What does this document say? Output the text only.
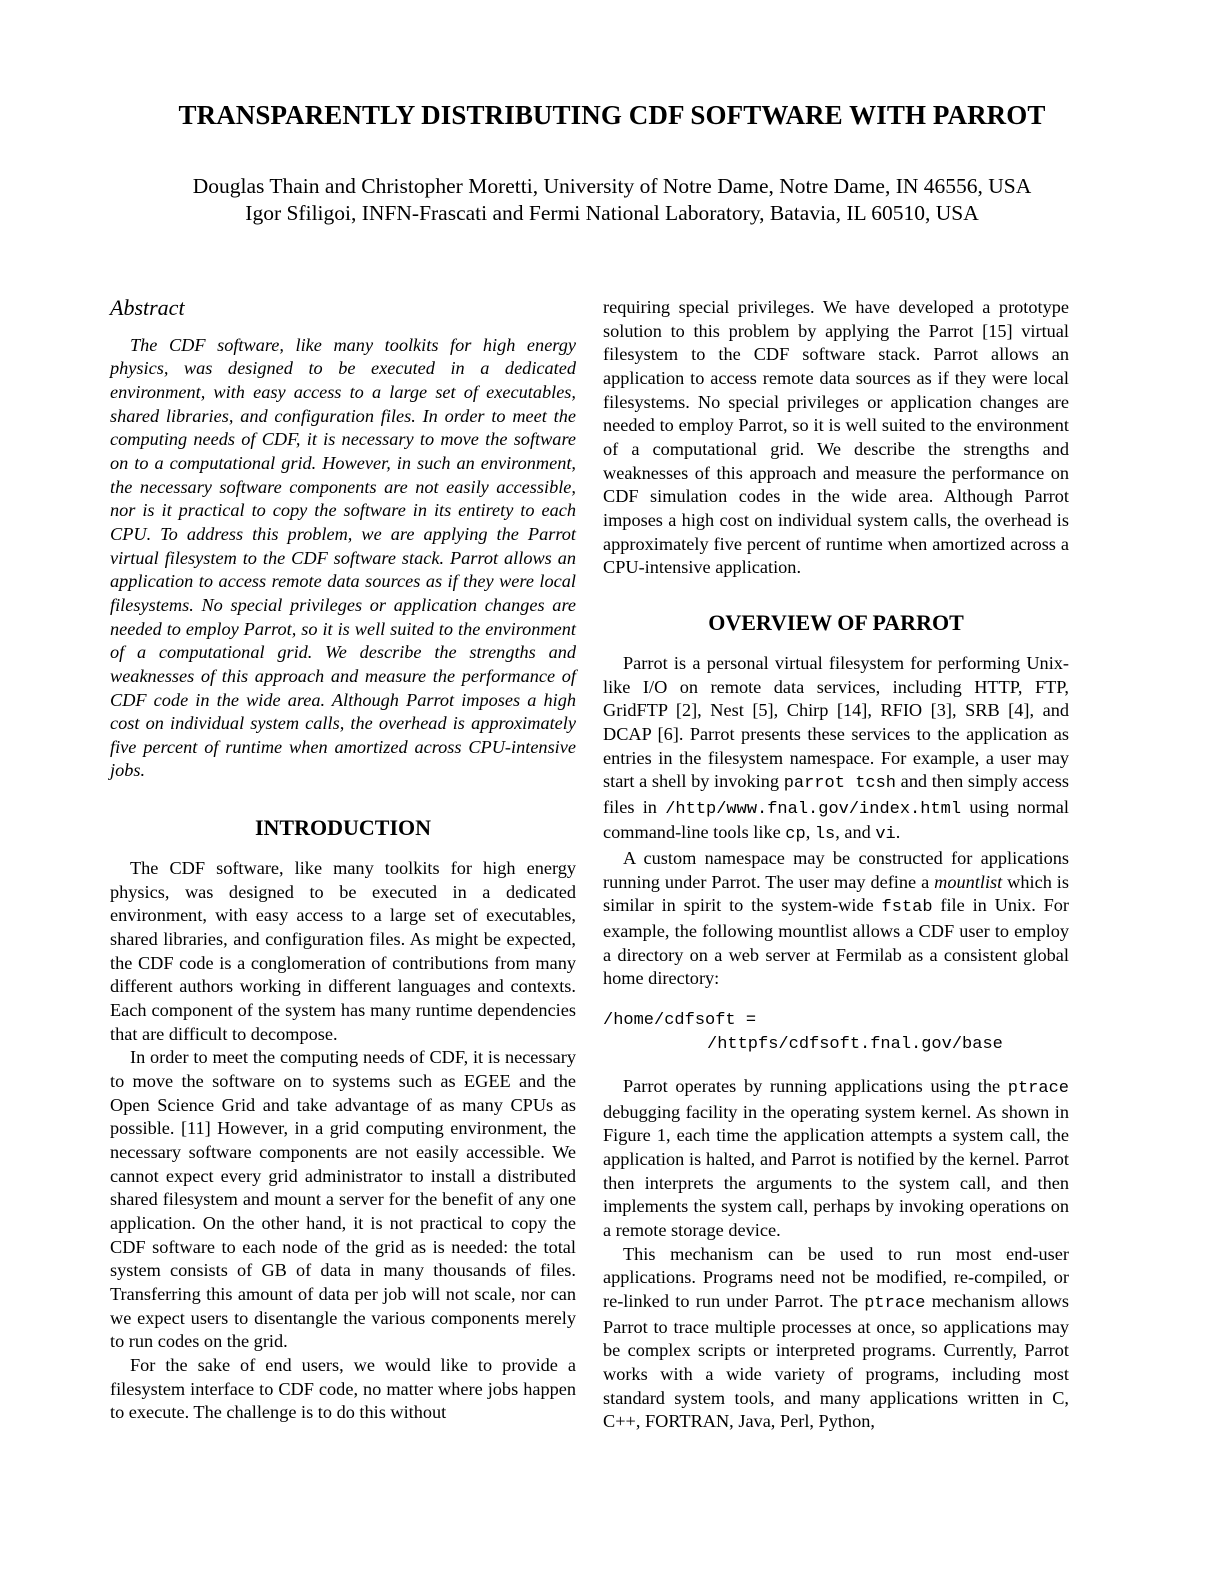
TRANSPARENTLY DISTRIBUTING CDF SOFTWARE WITH PARROT
Douglas Thain and Christopher Moretti, University of Notre Dame, Notre Dame, IN 46556, USA
Igor Sfiligoi, INFN-Frascati and Fermi National Laboratory, Batavia, IL 60510, USA
Abstract

The CDF software, like many toolkits for high energy physics, was designed to be executed in a dedicated environment, with easy access to a large set of executables, shared libraries, and configuration files. In order to meet the computing needs of CDF, it is necessary to move the software on to a computational grid. However, in such an environment, the necessary software components are not easily accessible, nor is it practical to copy the software in its entirety to each CPU. To address this problem, we are applying the Parrot virtual filesystem to the CDF software stack. Parrot allows an application to access remote data sources as if they were local filesystems. No special privileges or application changes are needed to employ Parrot, so it is well suited to the environment of a computational grid. We describe the strengths and weaknesses of this approach and measure the performance of CDF code in the wide area. Although Parrot imposes a high cost on individual system calls, the overhead is approximately five percent of runtime when amortized across CPU-intensive jobs.

INTRODUCTION

The CDF software, like many toolkits for high energy physics, was designed to be executed in a dedicated environment, with easy access to a large set of executables, shared libraries, and configuration files. As might be expected, the CDF code is a conglomeration of contributions from many different authors working in different languages and contexts. Each component of the system has many runtime dependencies that are difficult to decompose.

In order to meet the computing needs of CDF, it is necessary to move the software on to systems such as EGEE and the Open Science Grid and take advantage of as many CPUs as possible. [11] However, in a grid computing environment, the necessary software components are not easily accessible. We cannot expect every grid administrator to install a distributed shared filesystem and mount a server for the benefit of any one application. On the other hand, it is not practical to copy the CDF software to each node of the grid as is needed: the total system consists of GB of data in many thousands of files. Transferring this amount of data per job will not scale, nor can we expect users to disentangle the various components merely to run codes on the grid.

For the sake of end users, we would like to provide a filesystem interface to CDF code, no matter where jobs happen to execute. The challenge is to do this without

requiring special privileges. We have developed a prototype solution to this problem by applying the Parrot [15] virtual filesystem to the CDF software stack. Parrot allows an application to access remote data sources as if they were local filesystems. No special privileges or application changes are needed to employ Parrot, so it is well suited to the environment of a computational grid. We describe the strengths and weaknesses of this approach and measure the performance on CDF simulation codes in the wide area. Although Parrot imposes a high cost on individual system calls, the overhead is approximately five percent of runtime when amortized across a CPU-intensive application.

OVERVIEW OF PARROT

Parrot is a personal virtual filesystem for performing Unix-like I/O on remote data services, including HTTP, FTP, GridFTP [2], Nest [5], Chirp [14], RFIO [3], SRB [4], and DCAP [6]. Parrot presents these services to the application as entries in the filesystem namespace. For example, a user may start a shell by invoking parrot tcsh and then simply access files in /http/www.fnal.gov/index.html using normal command-line tools like cp, ls, and vi.

A custom namespace may be constructed for applications running under Parrot. The user may define a mountlist which is similar in spirit to the system-wide fstab file in Unix. For example, the following mountlist allows a CDF user to employ a directory on a web server at Fermilab as a consistent global home directory:

/home/cdfsoft =
/httpfs/cdfsoft.fnal.gov/base

Parrot operates by running applications using the ptrace debugging facility in the operating system kernel. As shown in Figure 1, each time the application attempts a system call, the application is halted, and Parrot is notified by the kernel. Parrot then interprets the arguments to the system call, and then implements the system call, perhaps by invoking operations on a remote storage device.

This mechanism can be used to run most end-user applications. Programs need not be modified, re-compiled, or re-linked to run under Parrot. The ptrace mechanism allows Parrot to trace multiple processes at once, so applications may be complex scripts or interpreted programs. Currently, Parrot works with a wide variety of programs, including most standard system tools, and many applications written in C, C++, FORTRAN, Java, Perl, Python,
